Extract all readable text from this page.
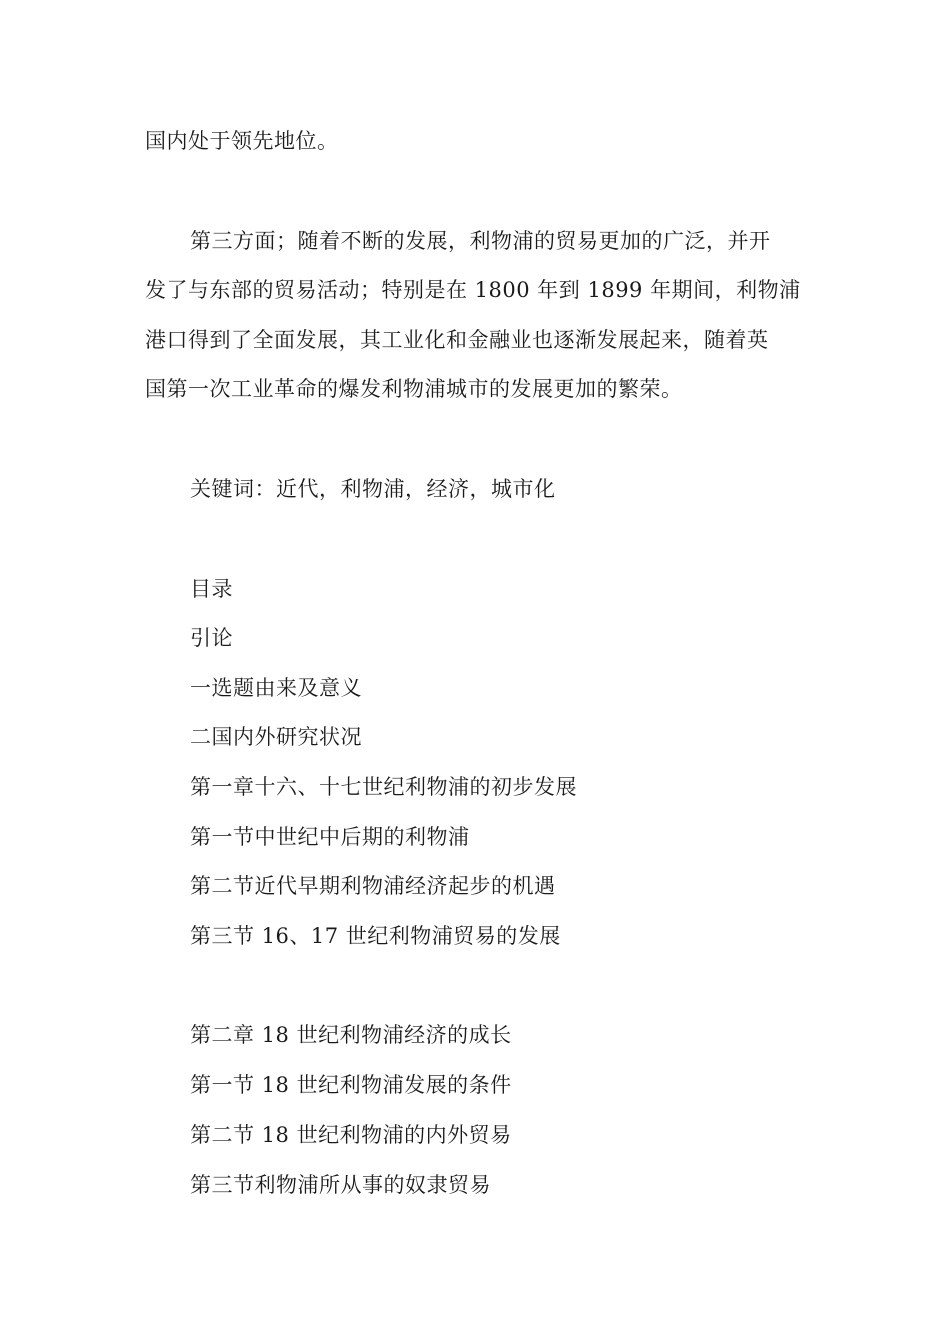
国内处于领先地位。
第三方面；随着不断的发展，利物浦的贸易更加的广泛，并开
发了与东部的贸易活动；特别是在 1800 年到 1899 年期间，利物浦
港口得到了全面发展，其工业化和金融业也逐渐发展起来，随着英
国第一次工业革命的爆发利物浦城市的发展更加的繁荣。
关键词：近代，利物浦，经济，城市化
目录
引论
一选题由来及意义
二国内外研究状况
第一章十六、十七世纪利物浦的初步发展
第一节中世纪中后期的利物浦
第二节近代早期利物浦经济起步的机遇
第三节 16、17 世纪利物浦贸易的发展
第二章 18 世纪利物浦经济的成长
第一节 18 世纪利物浦发展的条件
第二节 18 世纪利物浦的内外贸易
第三节利物浦所从事的奴隶贸易
